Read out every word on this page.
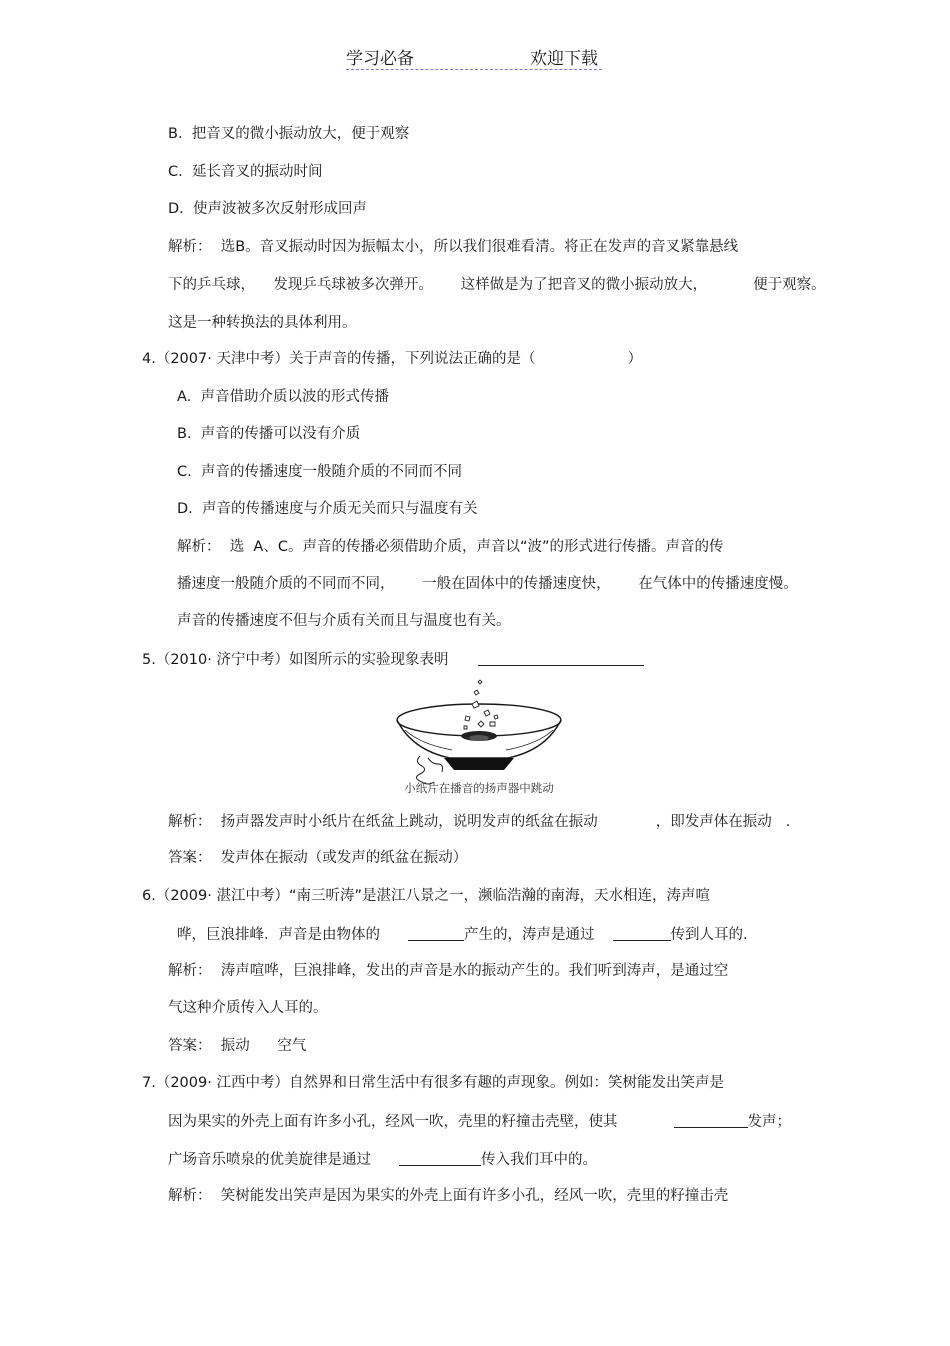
学习必备	欢迎下载
B.  把音叉的微小振动放大，便于观察
C.  延长音叉的振动时间
D.  使声波被多次反射形成回声
解析：  选B。音叉振动时因为振幅太小，所以我们很难看清。将正在发声的音叉紧靠悬线
下的乒乓球，    发现乒乓球被多次弹开。      这样做是为了把音叉的微小振动放大，          便于观察。
这是一种转换法的具体利用。
4.（2007· 天津中考）关于声音的传播，下列说法正确的是（                    ）
A.  声音借助介质以波的形式传播
B.  声音的传播可以没有介质
C.  声音的传播速度一般随介质的不同而不同
D.  声音的传播速度与介质无关而只与温度有关
解析：  选  A、C。声音的传播必须借助介质，声音以“波”的形式进行传播。声音的传
播速度一般随介质的不同而不同，      一般在固体中的传播速度快，      在气体中的传播速度慢。
声音的传播速度不但与介质有关而且与温度也有关。
5.（2010· 济宁中考）如图所示的实验现象表明
小纸片在播音的扬声器中跳动
解析：  扬声器发声时小纸片在纸盆上跳动，说明发声的纸盆在振动	，即发声体在振动 .
答案：  发声体在振动（或发声的纸盆在振动）
6.（2009· 湛江中考）“南三听涛”是湛江八景之一，濒临浩瀚的南海，天水相连，涛声喧
哗，巨浪排峰．声音是由物体的	产生的，涛声是通过	传到人耳的.
解析：  涛声喧哗，巨浪排峰，发出的声音是水的振动产生的。我们听到涛声，是通过空
气这种介质传入人耳的。
答案：  振动      空气
7.（2009· 江西中考）自然界和日常生活中有很多有趣的声现象。例如：笑树能发出笑声是
因为果实的外壳上面有许多小孔，经风一吹，壳里的籽撞击壳壁，使其	发声；
广场音乐喷泉的优美旋律是通过	传入我们耳中的。
解析：  笑树能发出笑声是因为果实的外壳上面有许多小孔，经风一吹，壳里的籽撞击壳
